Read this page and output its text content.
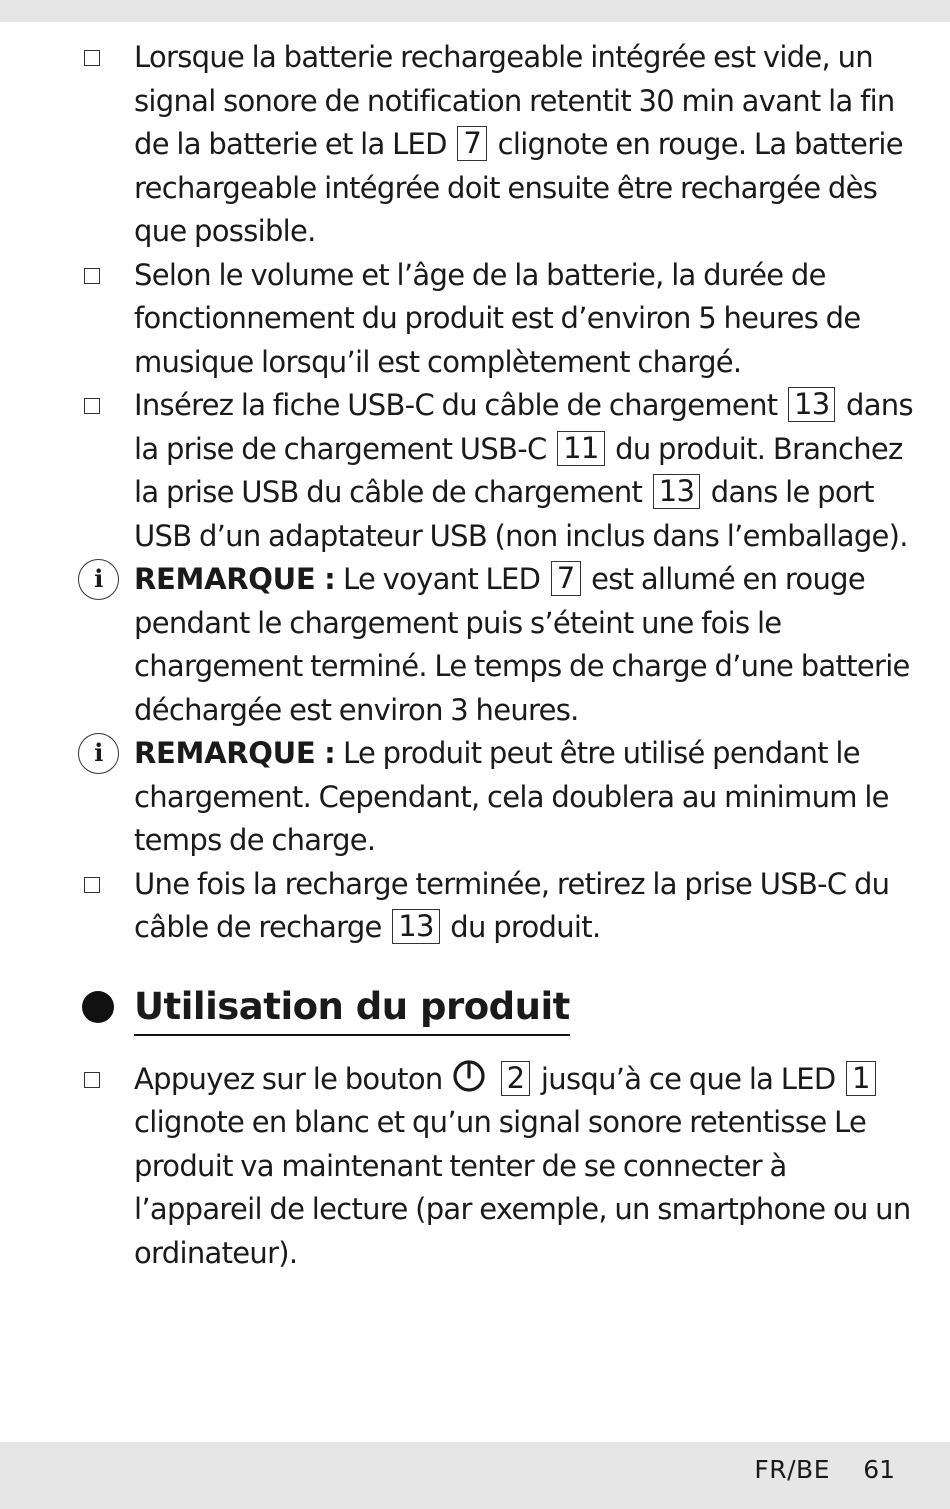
Lorsque la batterie rechargeable intégrée est vide, un signal sonore de notification retentit 30 min avant la fin de la batterie et la LED 7 clignote en rouge. La batterie rechargeable intégrée doit ensuite être rechargée dès que possible.
Selon le volume et l’âge de la batterie, la durée de fonctionnement du produit est d’environ 5 heures de musique lorsqu’il est complètement chargé.
Insérez la fiche USB-C du câble de chargement 13 dans la prise de chargement USB-C 11 du produit. Branchez la prise USB du câble de chargement 13 dans le port USB d’un adaptateur USB (non inclus dans l’emballage).
i	REMARQUE : Le voyant LED 7 est allumé en rouge pendant le chargement puis s’éteint une fois le chargement terminé. Le temps de charge d’une batterie déchargée est environ 3 heures.
i	REMARQUE : Le produit peut être utilisé pendant le chargement. Cependant, cela doublera au minimum le temps de charge.
Une fois la recharge terminée, retirez la prise USB-C du câble de recharge 13 du produit.
Utilisation du produit
Appuyez sur le bouton 2 jusqu’à ce que la LED 1 clignote en blanc et qu’un signal sonore retentisse Le produit va maintenant tenter de se connecter à l’appareil de lecture (par exemple, un smartphone ou un ordinateur).
FR/BE 61
